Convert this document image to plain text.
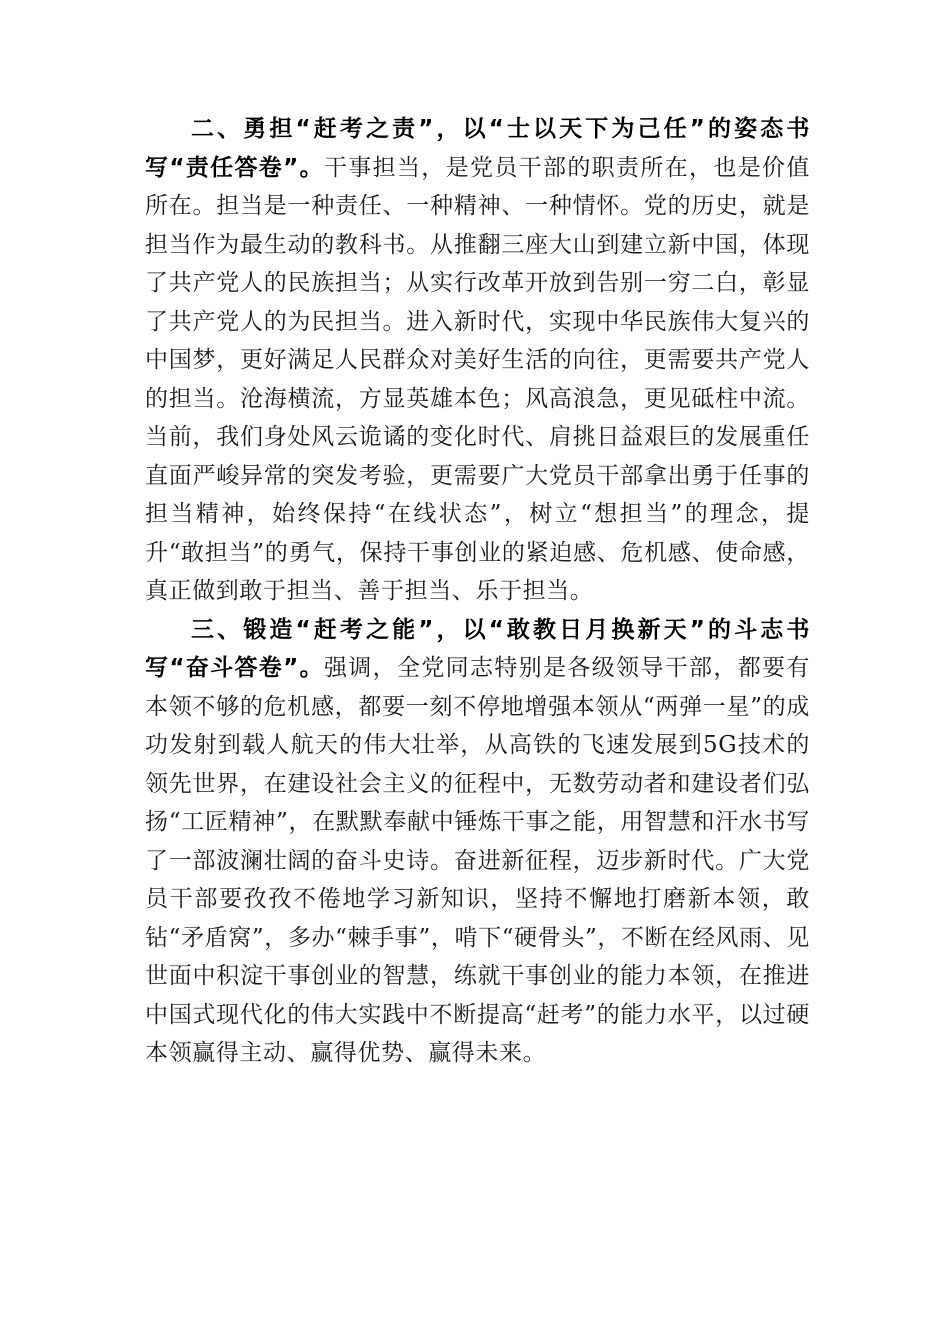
二、勇担“赶考之责”，以“士以天下为己任”的姿态书写“责任答卷”。干事担当，是党员干部的职责所在，也是价值所在。担当是一种责任、一种精神、一种情怀。党的历史，就是担当作为最生动的教科书。从推翻三座大山到建立新中国，体现了共产党人的民族担当；从实行改革开放到告别一穷二白，彰显了共产党人的为民担当。进入新时代，实现中华民族伟大复兴的中国梦，更好满足人民群众对美好生活的向往，更需要共产党人的担当。沧海横流，方显英雄本色；风高浪急，更见砥柱中流。当前，我们身处风云诡谲的变化时代、肩挑日益艰巨的发展重任直面严峻异常的突发考验，更需要广大党员干部拿出勇于任事的担当精神，始终保持“在线状态”，树立“想担当”的理念，提升“敢担当”的勇气，保持干事创业的紧迫感、危机感、使命感，真正做到敢于担当、善于担当、乐于担当。

三、锻造“赶考之能”，以“敢教日月换新天”的斗志书写“奋斗答卷”。强调，全党同志特别是各级领导干部，都要有本领不够的危机感，都要一刻不停地增强本领从“两弹一星”的成功发射到载人航天的伟大壮举，从高铁的飞速发展到5G技术的领先世界，在建设社会主义的征程中，无数劳动者和建设者们弘扬“工匠精神”，在默默奉献中锤炼干事之能，用智慧和汗水书写了一部波澜壮阔的奋斗史诗。奋进新征程，迈步新时代。广大党员干部要孜孜不倦地学习新知识，坚持不懈地打磨新本领，敢钻“矛盾窝”，多办“棘手事”，啃下“硬骨头”，不断在经风雨、见世面中积淀干事创业的智慧，练就干事创业的能力本领，在推进中国式现代化的伟大实践中不断提高“赶考”的能力水平，以过硬本领赢得主动、赢得优势、赢得未来。
